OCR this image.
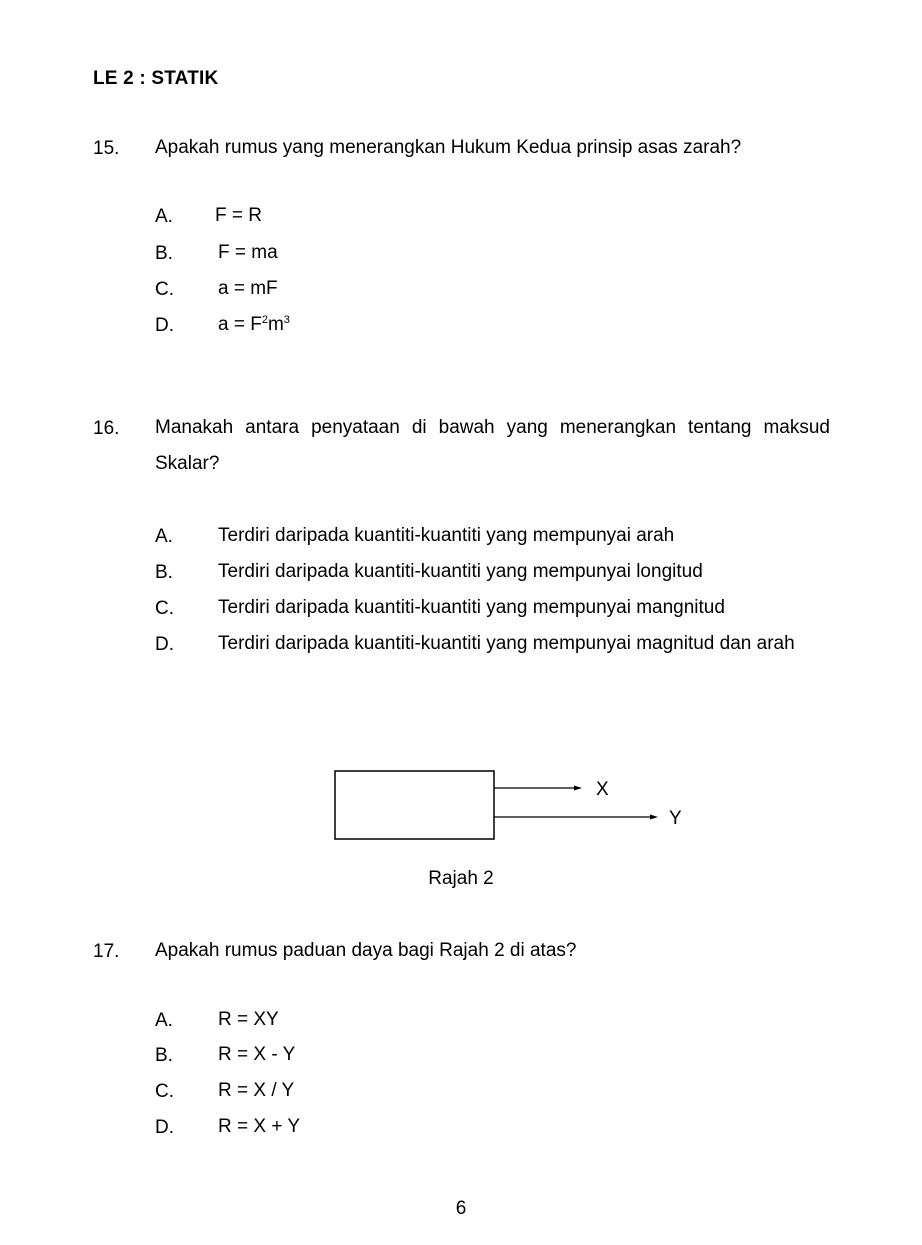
LE 2 : STATIK
15. Apakah rumus yang menerangkan Hukum Kedua prinsip asas zarah?
A. F = R
B. F = ma
C. a = mF
D. $a = F^2m^3$
16. Manakah antara penyataan di bawah yang menerangkan tentang maksud Skalar?
A. Terdiri daripada kuantiti-kuantiti yang mempunyai arah
B. Terdiri daripada kuantiti-kuantiti yang mempunyai longitud
C. Terdiri daripada kuantiti-kuantiti yang mempunyai mangnitud
D. Terdiri daripada kuantiti-kuantiti yang mempunyai magnitud dan arah
X
Y
Rajah 2
17. Apakah rumus paduan daya bagi Rajah 2 di atas?
A. R = XY
B. R = X - Y
C. R = X / Y
D. R = X + Y
6
